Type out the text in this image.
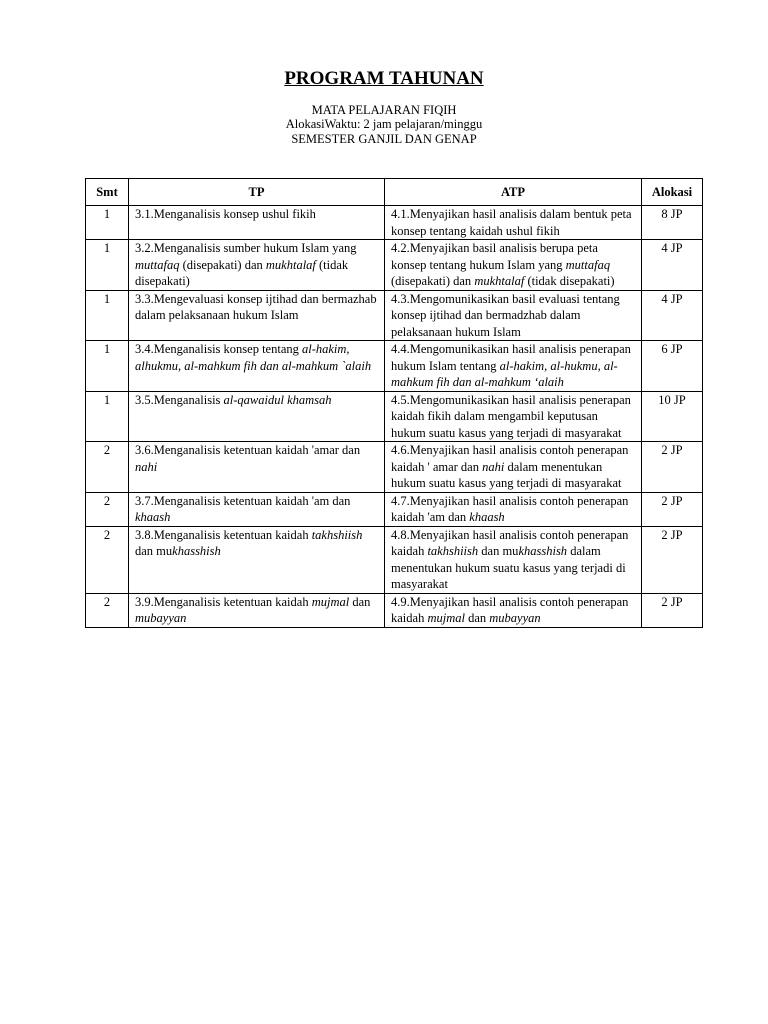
PROGRAM TAHUNAN
MATA PELAJARAN FIQIH
AlokasiWaktu: 2 jam pelajaran/minggu
SEMESTER GANJIL DAN GENAP
Smt	TP	ATP	Alokasi
1	3.1.Menganalisis konsep ushul fikih	4.1.Menyajikan hasil analisis dalam bentuk peta konsep tentang kaidah ushul fikih	8 JP
1	3.2.Menganalisis sumber hukum Islam yang muttafaq (disepakati) dan mukhtalaf (tidak disepakati)	4.2.Menyajikan basil analisis berupa peta konsep tentang hukum Islam yang muttafaq (disepakati) dan mukhtalaf (tidak disepakati)	4 JP
1	3.3.Mengevaluasi konsep ijtihad dan bermazhab dalam pelaksanaan hukum Islam	4.3.Mengomunikasikan basil evaluasi tentang konsep ijtihad dan bermadzhab dalam pelaksanaan hukum Islam	4 JP
1	3.4.Menganalisis konsep tentang al-hakim, alhukmu, al-mahkum fih dan al-mahkum `alaih	4.4.Mengomunikasikan hasil analisis penerapan hukum Islam tentang al-hakim, al-hukmu, al-mahkum fih dan al-mahkum ‘alaih	6 JP
1	3.5.Menganalisis al-qawaidul khamsah	4.5.Mengomunikasikan hasil analisis penerapan kaidah fikih dalam mengambil keputusan hukum suatu kasus yang terjadi di masyarakat	10 JP
2	3.6.Menganalisis ketentuan kaidah 'amar dan nahi	4.6.Menyajikan hasil analisis contoh penerapan kaidah ' amar dan nahi dalam menentukan hukum suatu kasus yang terjadi di masyarakat	2 JP
2	3.7.Menganalisis ketentuan kaidah 'am dan khaash	4.7.Menyajikan hasil analisis contoh penerapan kaidah 'am dan khaash	2 JP
2	3.8.Menganalisis ketentuan kaidah takhshiish dan mukhasshish	4.8.Menyajikan hasil analisis contoh penerapan kaidah takhshiish dan mukhasshish dalam menentukan hukum suatu kasus yang terjadi di masyarakat	2 JP
2	3.9.Menganalisis ketentuan kaidah mujmal dan mubayyan	4.9.Menyajikan hasil analisis contoh penerapan kaidah mujmal dan mubayyan	2 JP
